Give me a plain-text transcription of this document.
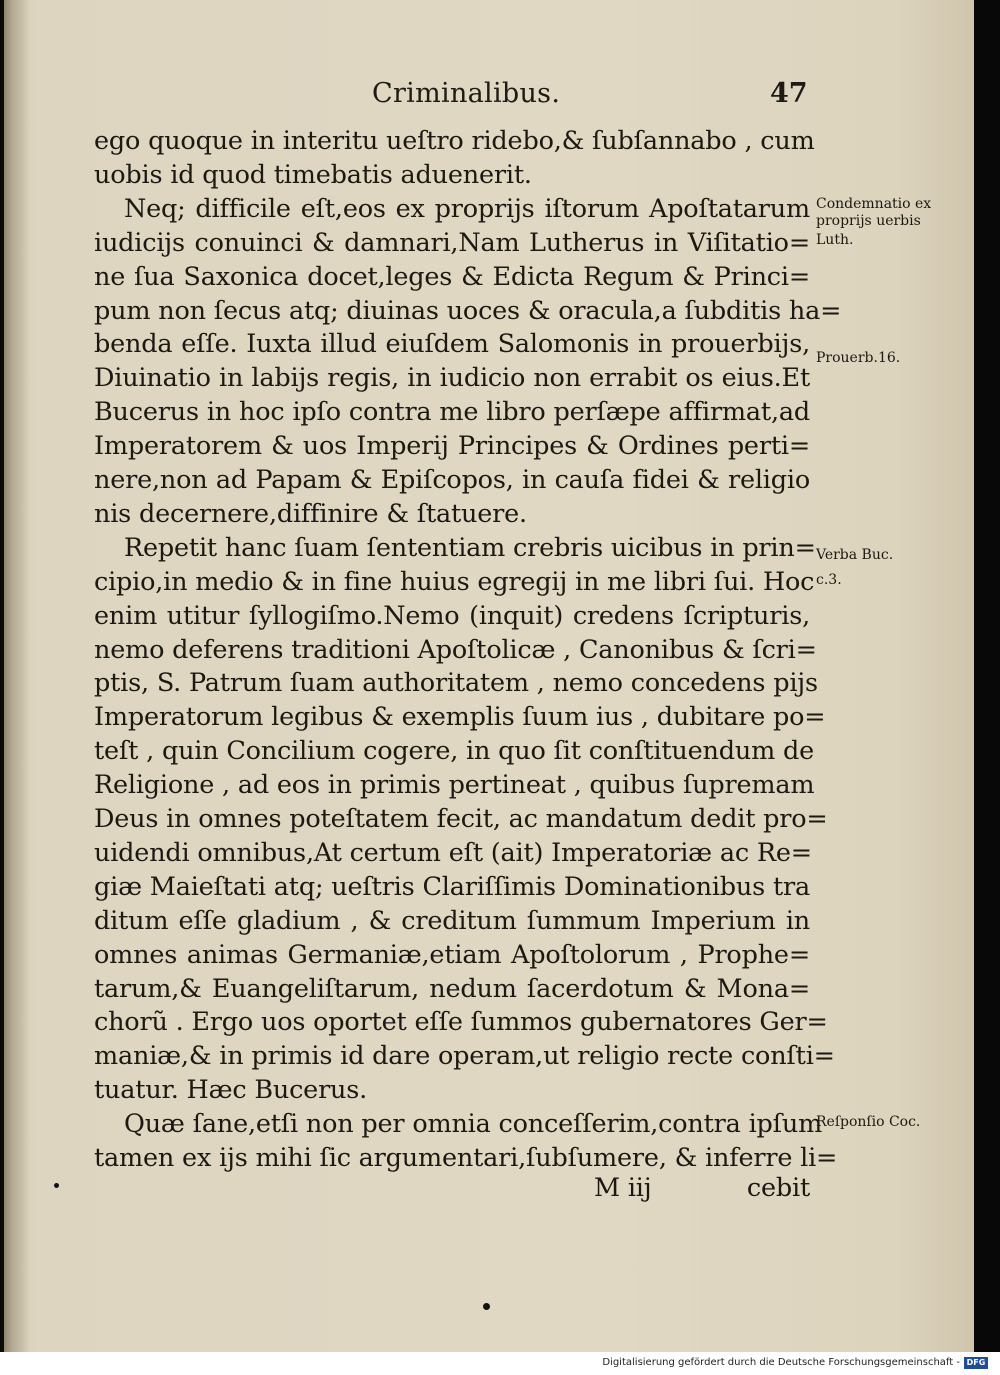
Criminalibus.	47
ego quoque in interitu ueſtro ridebo,& ſubſannabo , cum
uobis id quod timebatis aduenerit.
Neq; difficile eſt,eos ex proprijs iſtorum Apoſtatarum
iudicijs conuinci & damnari,Nam Lutherus in Viſitatio=
ne ſua Saxonica docet,leges & Edicta Regum & Princi=
pum non ſecus atq; diuinas uoces & oracula,a ſubditis ha=
benda eſſe. Iuxta illud eiuſdem Salomonis in prouerbijs,
Diuinatio in labijs regis, in iudicio non errabit os eius.Et
Bucerus in hoc ipſo contra me libro perſæpe affirmat,ad
Imperatorem & uos Imperij Principes & Ordines perti=
nere,non ad Papam & Epiſcopos, in cauſa fidei & religio
nis decernere,diffinire & ſtatuere.
Repetit hanc ſuam ſententiam crebris uicibus in prin=
cipio,in medio & in fine huius egregij in me libri ſui. Hoc
enim utitur ſyllogiſmo.Nemo (inquit) credens ſcripturis,
nemo deferens traditioni Apoſtolicæ , Canonibus & ſcri=
ptis, S. Patrum ſuam authoritatem , nemo concedens pijs
Imperatorum legibus & exemplis ſuum ius , dubitare po=
teſt , quin Concilium cogere, in quo ſit conſtituendum de
Religione , ad eos in primis pertineat , quibus ſupremam
Deus in omnes poteſtatem fecit, ac mandatum dedit pro=
uidendi omnibus,At certum eſt (ait) Imperatoriæ ac Re=
giæ Maieſtati atq; ueſtris Clariſſimis Dominationibus tra
ditum eſſe gladium , & creditum ſummum Imperium in
omnes animas Germaniæ,etiam Apoſtolorum , Prophe=
tarum,& Euangeliſtarum, nedum ſacerdotum & Mona=
chorũ . Ergo uos oportet eſſe ſummos gubernatores Ger=
maniæ,& in primis id dare operam,ut religio recte conſti=
tuatur. Hæc Bucerus.
Quæ ſane,etſi non per omnia conceſſerim,contra ipſum
tamen ex ijs mihi ſic argumentari,ſubſumere, & inferre li=
M iij	cebit
Condemnatio ex
proprijs uerbis
Luth.
Prouerb.16.
Verba Buc.
c.3.
Reſponſio Coc.
Digitalisierung gefördert durch die Deutsche Forschungsgemeinschaft - DFG
